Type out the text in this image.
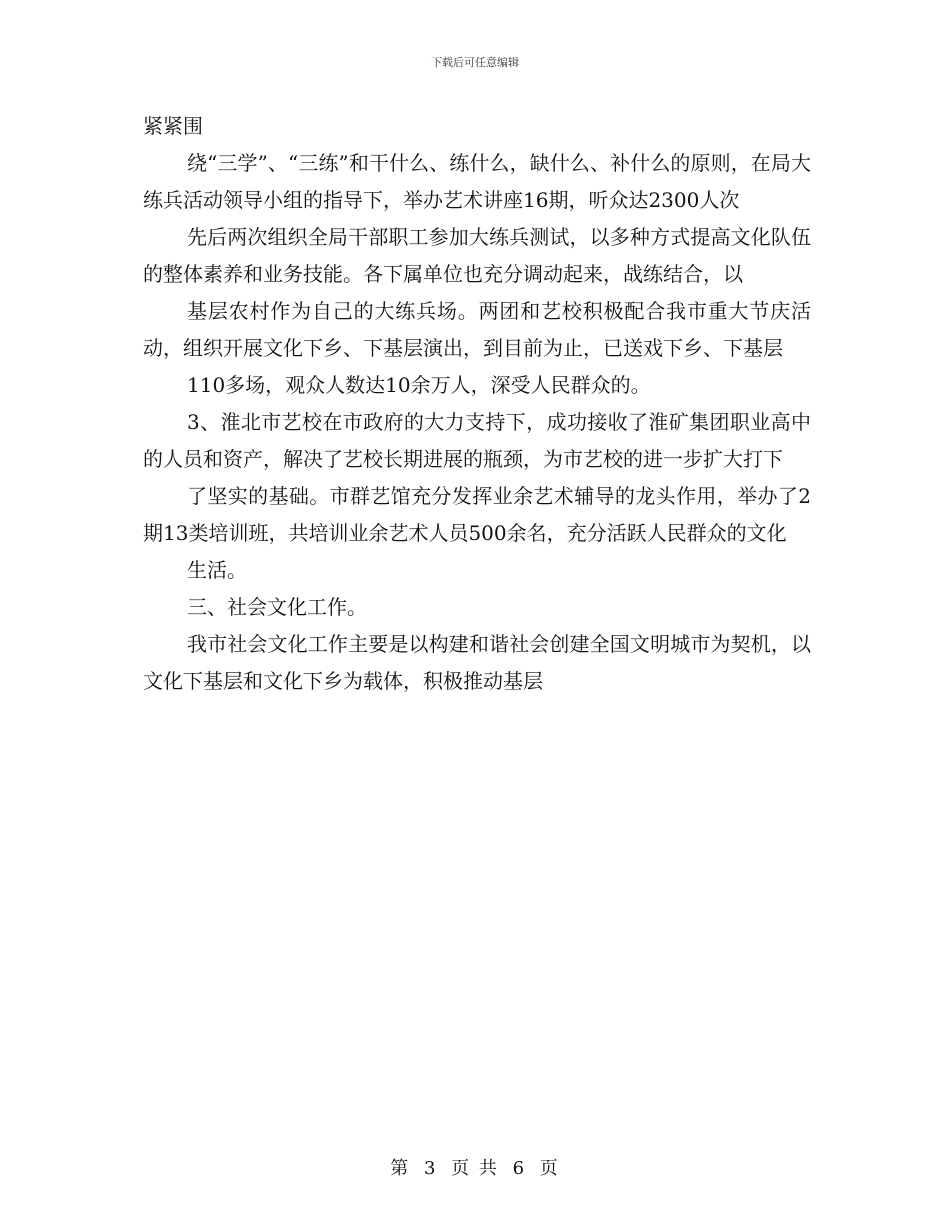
下载后可任意编辑

紧紧围

绕“三学”、“三练”和干什么、练什么，缺什么、补什么的原则，在局大练兵活动领导小组的指导下，举办艺术讲座16期，听众达2300人次

先后两次组织全局干部职工参加大练兵测试，以多种方式提高文化队伍的整体素养和业务技能。各下属单位也充分调动起来，战练结合，以

基层农村作为自己的大练兵场。两团和艺校积极配合我市重大节庆活动，组织开展文化下乡、下基层演出，到目前为止，已送戏下乡、下基层

110多场，观众人数达10余万人，深受人民群众的。

3、淮北市艺校在市政府的大力支持下，成功接收了淮矿集团职业高中的人员和资产，解决了艺校长期进展的瓶颈，为市艺校的进一步扩大打下

了坚实的基础。市群艺馆充分发挥业余艺术辅导的龙头作用，举办了2期13类培训班，共培训业余艺术人员500余名，充分活跃人民群众的文化

生活。

三、社会文化工作。

我市社会文化工作主要是以构建和谐社会创建全国文明城市为契机，以文化下基层和文化下乡为载体，积极推动基层

第 3 页 共 6 页
